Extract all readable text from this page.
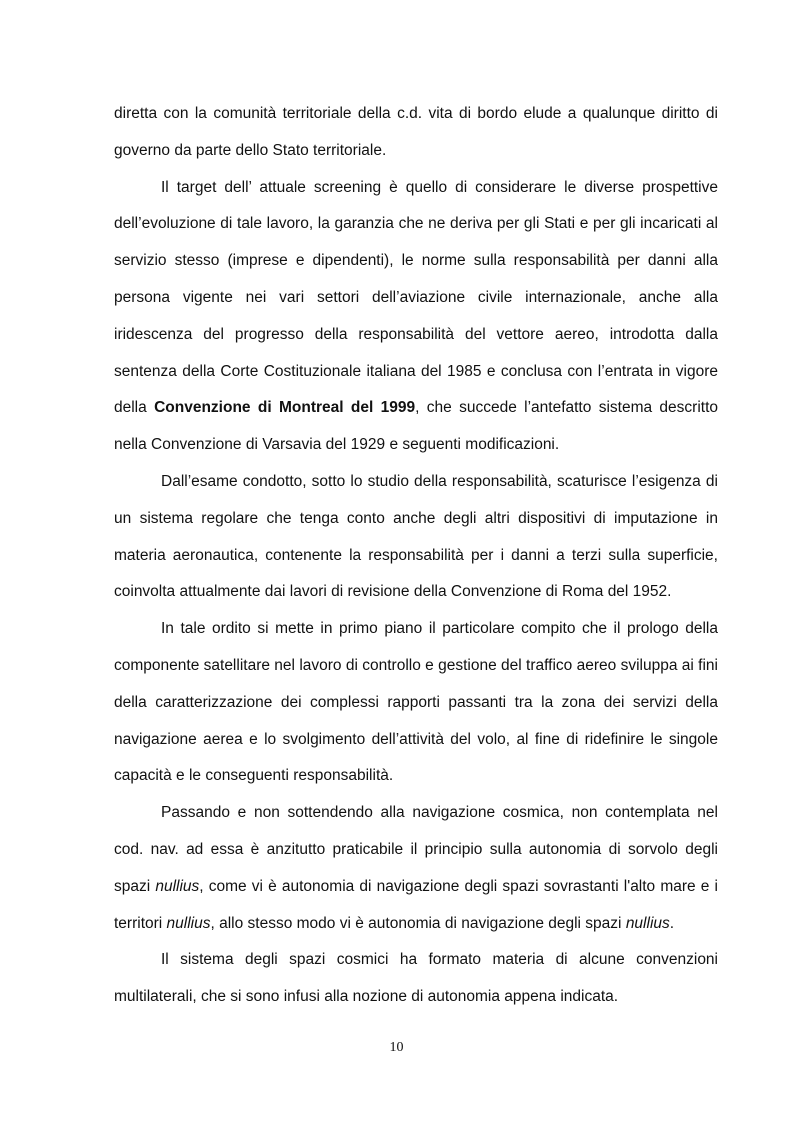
diretta con la comunità territoriale della c.d. vita di bordo elude a qualunque diritto di governo da parte dello Stato territoriale.

Il target dell’ attuale screening è quello di considerare le diverse prospettive dell’evoluzione di tale lavoro, la garanzia che ne deriva per gli Stati e per gli incaricati al servizio stesso (imprese e dipendenti), le norme sulla responsabilità per danni alla persona vigente nei vari settori dell’aviazione civile internazionale, anche alla iridescenza del progresso della responsabilità del vettore aereo, introdotta dalla sentenza della Corte Costituzionale italiana del 1985 e conclusa con l’entrata in vigore della Convenzione di Montreal del 1999, che succede l’antefatto sistema descritto nella Convenzione di Varsavia del 1929 e seguenti modificazioni.

Dall’esame condotto, sotto lo studio della responsabilità, scaturisce l’esigenza di un sistema regolare che tenga conto anche degli altri dispositivi di imputazione in materia aeronautica, contenente la responsabilità per i danni a terzi sulla superficie, coinvolta attualmente dai lavori di revisione della Convenzione di Roma del 1952.

In tale ordito si mette in primo piano il particolare compito che il prologo della componente satellitare nel lavoro di controllo e gestione del traffico aereo sviluppa ai fini della caratterizzazione dei complessi rapporti passanti tra la zona dei servizi della navigazione aerea e lo svolgimento dell’attività del volo, al fine di ridefinire le singole capacità e le conseguenti responsabilità.

Passando e non sottendendo alla navigazione cosmica, non contemplata nel cod. nav. ad essa è anzitutto praticabile il principio sulla autonomia di sorvolo degli spazi nullius, come vi è autonomia di navigazione degli spazi sovrastanti l'alto mare e i territori nullius, allo stesso modo vi è autonomia di navigazione degli spazi nullius.

Il sistema degli spazi cosmici ha formato materia di alcune convenzioni multilaterali, che si sono infusi alla nozione di autonomia appena indicata.

10
